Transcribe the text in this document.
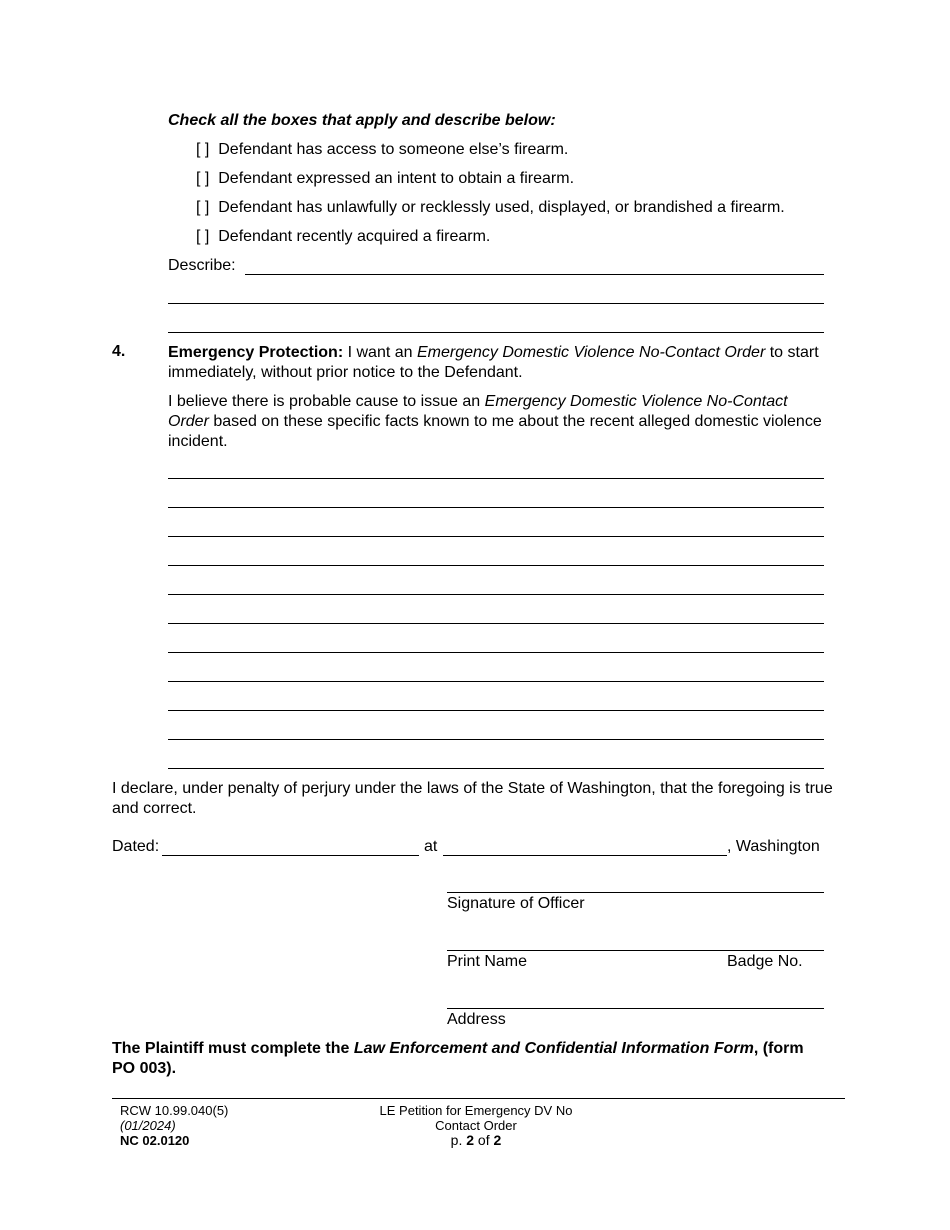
Check all the boxes that apply and describe below:
[ ] Defendant has access to someone else’s firearm.
[ ] Defendant expressed an intent to obtain a firearm.
[ ] Defendant has unlawfully or recklessly used, displayed, or brandished a firearm.
[ ] Defendant recently acquired a firearm.
Describe:
4.	Emergency Protection: I want an Emergency Domestic Violence No-Contact Order to start immediately, without prior notice to the Defendant.
I believe there is probable cause to issue an Emergency Domestic Violence No-Contact Order based on these specific facts known to me about the recent alleged domestic violence incident.
I declare, under penalty of perjury under the laws of the State of Washington, that the foregoing is true and correct.
Dated:	at	, Washington
Signature of Officer
Print Name	Badge No.
Address
The Plaintiff must complete the Law Enforcement and Confidential Information Form, (form PO 003).
RCW 10.99.040(5)
(01/2024)
NC 02.0120
LE Petition for Emergency DV No
Contact Order
p. 2 of 2
